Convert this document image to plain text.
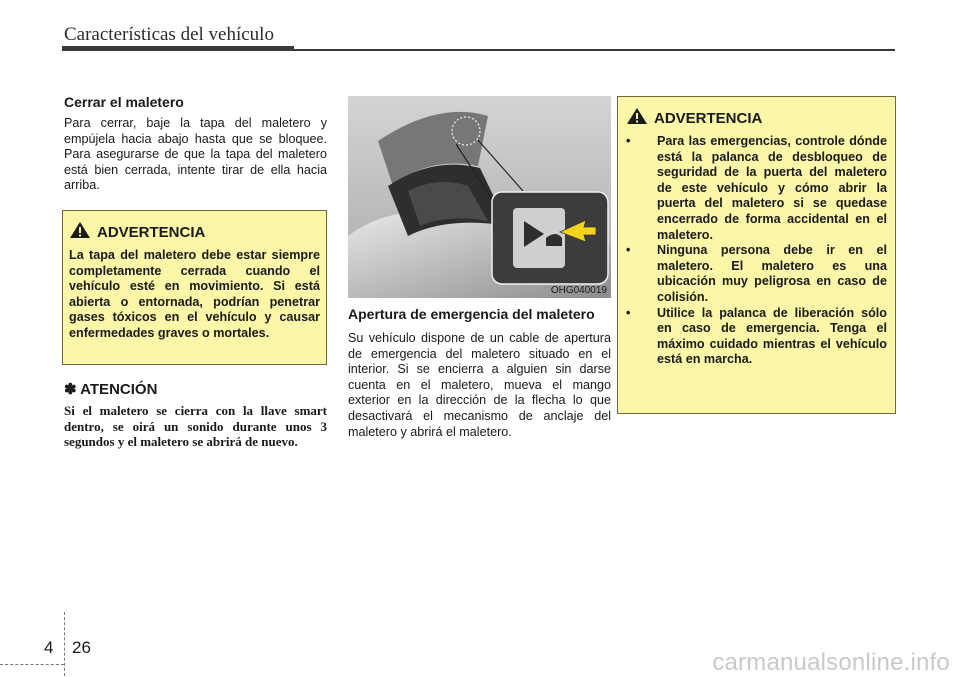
Características del vehículo
Cerrar el maletero

Para cerrar, baje la tapa del maletero y empújela hacia abajo hasta que se bloquee. Para asegurarse de que la tapa del maletero está bien cerrada, intente tirar de ella hacia arriba.

ADVERTENCIA
La tapa del maletero debe estar siempre completamente cerrada cuando el vehículo esté en movimiento. Si está abierta o entornada, podrían penetrar gases tóxicos en el vehículo y causar enfermedades graves o mortales.
✽ ATENCIÓN
Si el maletero se cierra con la llave smart dentro, se oirá un sonido durante unos 3 segundos y el maletero se abrirá de nuevo.
OHG040019
Apertura de emergencia del maletero

Su vehículo dispone de un cable de apertura de emergencia del maletero situado en el interior. Si se encierra a alguien sin darse cuenta en el maletero, mueva el mango exterior en la dirección de la flecha lo que desactivará el mecanismo de anclaje del maletero y abrirá el maletero.

ADVERTENCIA
• Para las emergencias, controle dónde está la palanca de desbloqueo de seguridad de la puerta del maletero de este vehículo y cómo abrir la puerta del maletero si se quedase encerrado de forma accidental en el maletero.
• Ninguna persona debe ir en el maletero. El maletero es una ubicación muy peligrosa en caso de colisión.
• Utilice la palanca de liberación sólo en caso de emergencia. Tenga el máximo cuidado mientras el vehículo está en marcha.
4 26
carmanualsonline.info
